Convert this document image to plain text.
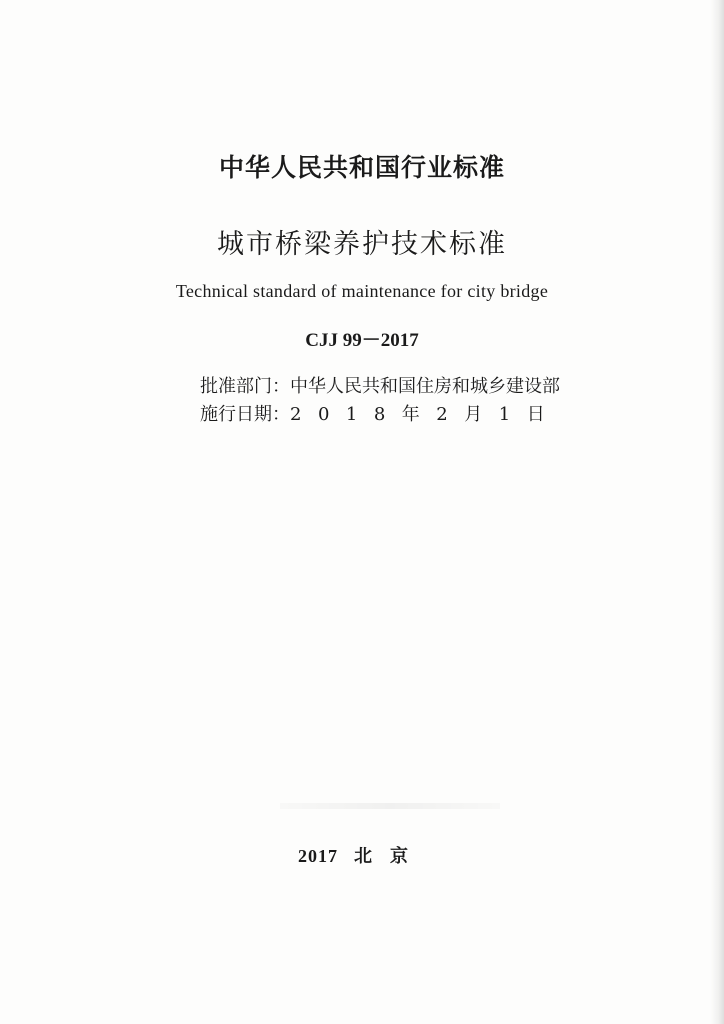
中华人民共和国行业标准
城市桥梁养护技术标准
Technical standard of maintenance for city bridge
CJJ 99－2017
批准部门：中华人民共和国住房和城乡建设部
施行日期：2018年2月1日
2017 北京
